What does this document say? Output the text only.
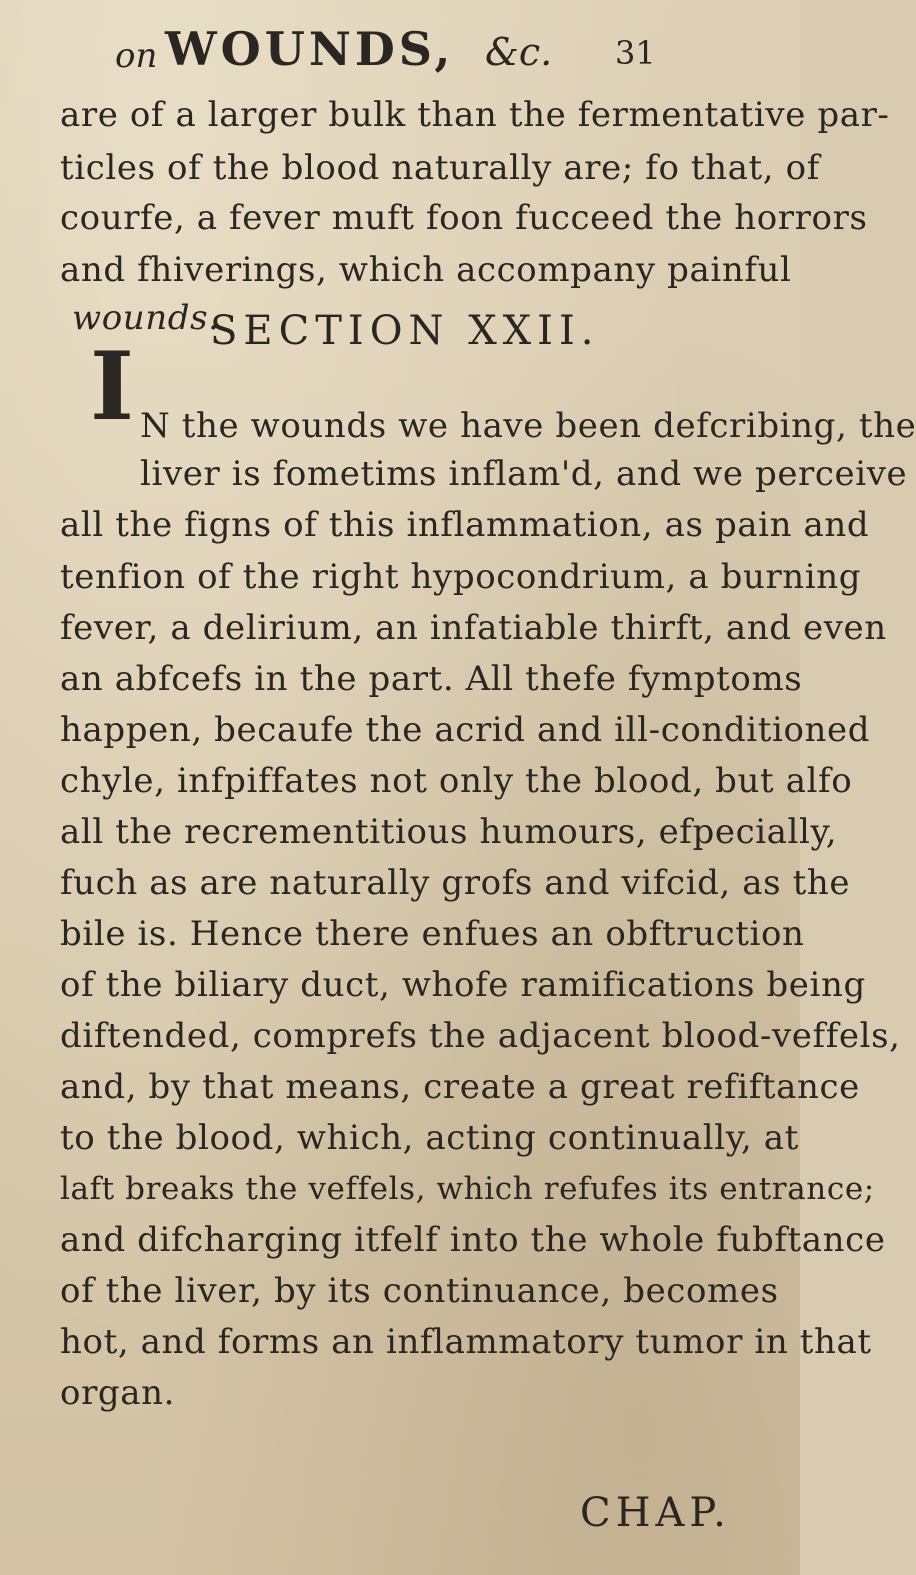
on WOUNDS, &c. 31
are of a larger bulk than the fermentative par-
ticles of the blood naturally are; fo that, of
courfe, a fever muft foon fucceed the horrors
and fhiverings, which accompany painful
wounds.
SECTION XXII.
I N the wounds we have been defcribing, the
liver is fometims inflam'd, and we perceive
all the figns of this inflammation, as pain and
tenfion of the right hypocondrium, a burning
fever, a delirium, an infatiable thirft, and even
an abfcefs in the part. All thefe fymptoms
happen, becaufe the acrid and ill-conditioned
chyle, infpiffates not only the blood, but alfo
all the recrementitious humours, efpecially,
fuch as are naturally grofs and vifcid, as the
bile is. Hence there enfues an obftruction
of the biliary duct, whofe ramifications being
diftended, comprefs the adjacent blood-veffels,
and, by that means, create a great refiftance
to the blood, which, acting continually, at
laft breaks the veffels, which refufes its entrance;
and difcharging itfelf into the whole fubftance
of the liver, by its continuance, becomes
hot, and forms an inflammatory tumor in that
organ.
CHAP.
